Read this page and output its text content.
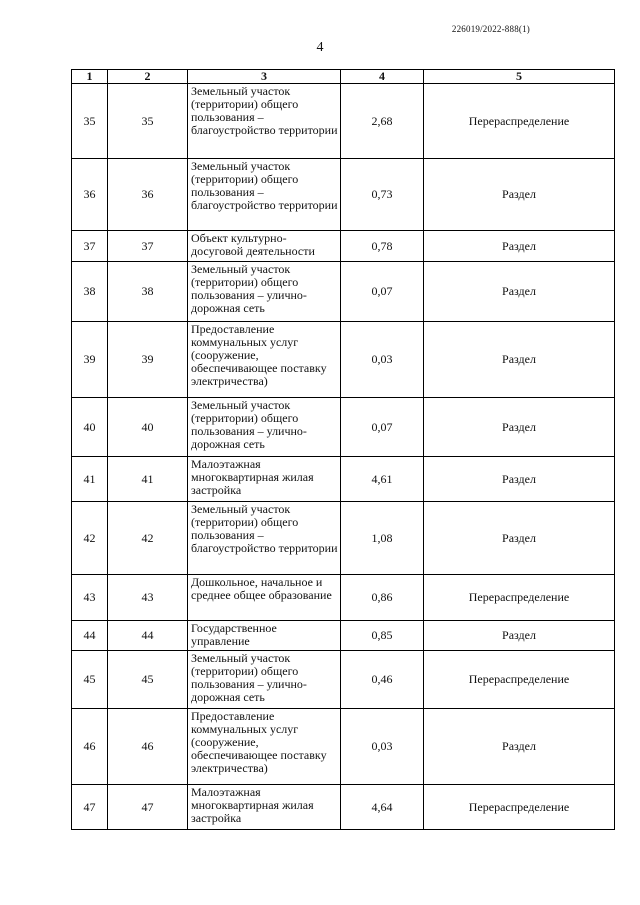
226019/2022-888(1)
4
1	2	3	4	5
35	35	Земельный участок (территории) общего пользования – благоустройство территории	2,68	Перераспределение
36	36	Земельный участок (территории) общего пользования – благоустройство территории	0,73	Раздел
37	37	Объект культурно-досуговой деятельности	0,78	Раздел
38	38	Земельный участок (территории) общего пользования – улично-дорожная сеть	0,07	Раздел
39	39	Предоставление коммунальных услуг (сооружение, обеспечивающее поставку электричества)	0,03	Раздел
40	40	Земельный участок (территории) общего пользования – улично-дорожная сеть	0,07	Раздел
41	41	Малоэтажная многоквартирная жилая застройка	4,61	Раздел
42	42	Земельный участок (территории) общего пользования – благоустройство территории	1,08	Раздел
43	43	Дошкольное, начальное и среднее общее образование	0,86	Перераспределение
44	44	Государственное управление	0,85	Раздел
45	45	Земельный участок (территории) общего пользования – улично-дорожная сеть	0,46	Перераспределение
46	46	Предоставление коммунальных услуг (сооружение, обеспечивающее поставку электричества)	0,03	Раздел
47	47	Малоэтажная многоквартирная жилая застройка	4,64	Перераспределение
